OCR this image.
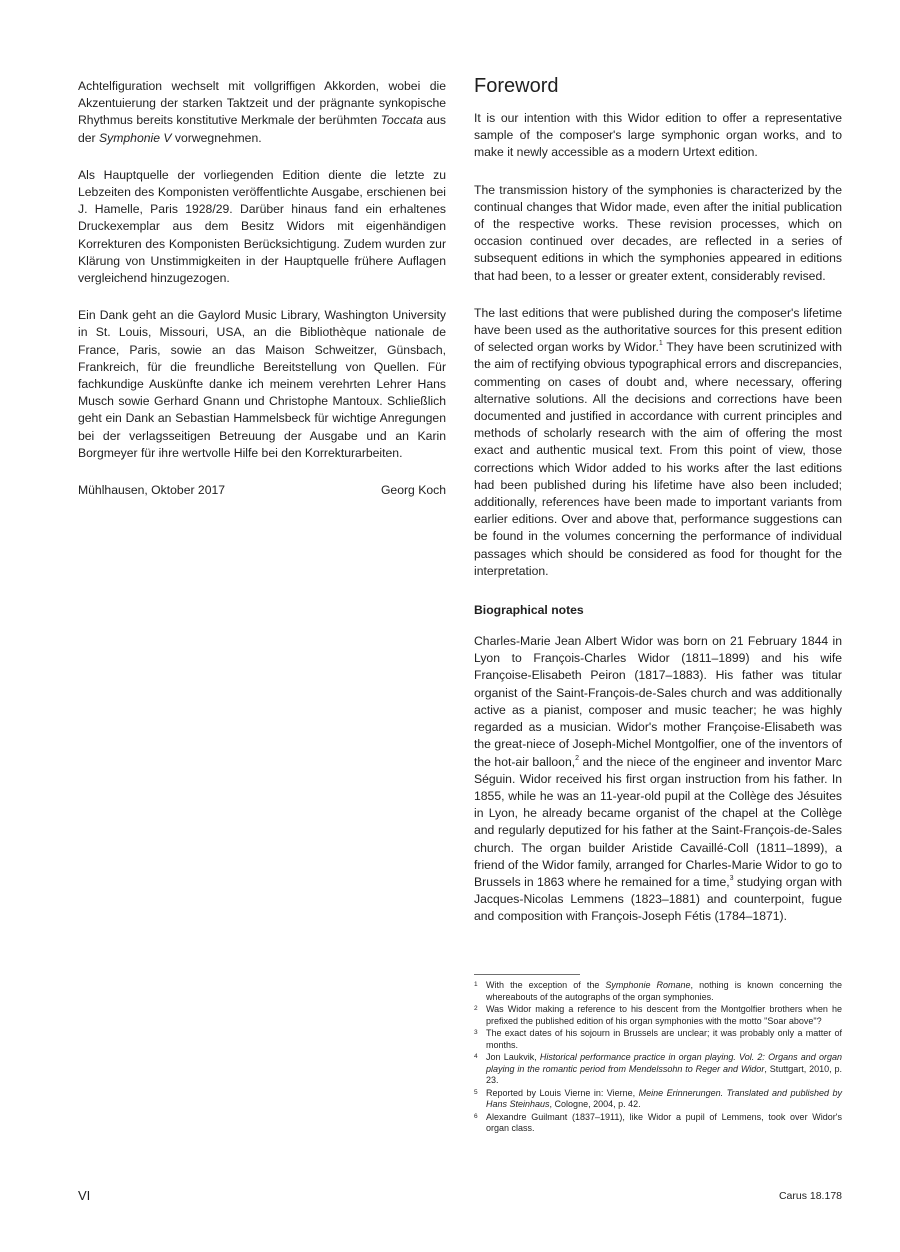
Achtelfiguration wechselt mit vollgriffigen Akkorden, wobei die Akzentuierung der starken Taktzeit und der prägnante synkopische Rhythmus bereits konstitutive Merkmale der berühmten Toccata aus der Symphonie V vorwegnehmen.

Als Hauptquelle der vorliegenden Edition diente die letzte zu Lebzeiten des Komponisten veröffentlichte Ausgabe, erschienen bei J. Hamelle, Paris 1928/29. Darüber hinaus fand ein erhaltenes Druckexemplar aus dem Besitz Widors mit eigenhändigen Korrekturen des Komponisten Berücksichtigung. Zudem wurden zur Klärung von Unstimmigkeiten in der Hauptquelle frühere Auflagen vergleichend hinzugezogen.

Ein Dank geht an die Gaylord Music Library, Washington University in St. Louis, Missouri, USA, an die Bibliothèque nationale de France, Paris, sowie an das Maison Schweitzer, Günsbach, Frankreich, für die freundliche Bereitstellung von Quellen. Für fachkundige Auskünfte danke ich meinem verehrten Lehrer Hans Musch sowie Gerhard Gnann und Christophe Mantoux. Schließlich geht ein Dank an Sebastian Hammelsbeck für wichtige Anregungen bei der verlagsseitigen Betreuung der Ausgabe und an Karin Borgmeyer für ihre wertvolle Hilfe bei den Korrekturarbeiten.

Mühlhausen, Oktober 2017	Georg Koch
Foreword

It is our intention with this Widor edition to offer a representative sample of the composer's large symphonic organ works, and to make it newly accessible as a modern Urtext edition.

The transmission history of the symphonies is characterized by the continual changes that Widor made, even after the initial publication of the respective works. These revision processes, which on occasion continued over decades, are reflected in a series of subsequent editions in which the symphonies appeared in editions that had been, to a lesser or greater extent, considerably revised.

The last editions that were published during the composer's lifetime have been used as the authoritative sources for this present edition of selected organ works by Widor.$^1$ They have been scrutinized with the aim of rectifying obvious typographical errors and discrepancies, commenting on cases of doubt and, where necessary, offering alternative solutions. All the decisions and corrections have been documented and justified in accordance with current principles and methods of scholarly research with the aim of offering the most exact and authentic musical text. From this point of view, those corrections which Widor added to his works after the last editions had been published during his lifetime have also been included; additionally, references have been made to important variants from earlier editions. Over and above that, performance suggestions can be found in the volumes concerning the performance of individual passages which should be considered as food for thought for the interpretation.

Biographical notes

Charles-Marie Jean Albert Widor was born on 21 February 1844 in Lyon to François-Charles Widor (1811–1899) and his wife Françoise-Elisabeth Peiron (1817–1883). His father was titular organist of the Saint-François-de-Sales church and was additionally active as a pianist, composer and music teacher; he was highly regarded as a musician. Widor's mother Françoise-Elisabeth was the great-niece of Joseph-Michel Montgolfier, one of the inventors of the hot-air balloon,$^2$ and the niece of the engineer and inventor Marc Séguin. Widor received his first organ instruction from his father. In 1855, while he was an 11-year-old pupil at the Collège des Jésuites in Lyon, he already became organist of the chapel at the Collège and regularly deputized for his father at the Saint-François-de-Sales church. The organ builder Aristide Cavaillé-Coll (1811–1899), a friend of the Widor family, arranged for Charles-Marie Widor to go to Brussels in 1863 where he remained for a time,$^3$ studying organ with Jacques-Nicolas Lemmens (1823–1881) and counterpoint, fugue and composition with François-Joseph Fétis (1784–1871).

1 With the exception of the Symphonie Romane, nothing is known concerning the whereabouts of the autographs of the organ symphonies.
2 Was Widor making a reference to his descent from the Montgolfier brothers when he prefixed the published edition of his organ symphonies with the motto "Soar above"?
3 The exact dates of his sojourn in Brussels are unclear; it was probably only a matter of months.
4 Jon Laukvik, Historical performance practice in organ playing. Vol. 2: Organs and organ playing in the romantic period from Mendelssohn to Reger and Widor, Stuttgart, 2010, p. 23.
5 Reported by Louis Vierne in: Vierne, Meine Erinnerungen. Translated and published by Hans Steinhaus, Cologne, 2004, p. 42.
6 Alexandre Guilmant (1837–1911), like Widor a pupil of Lemmens, took over Widor's organ class.
VI	Carus 18.178
